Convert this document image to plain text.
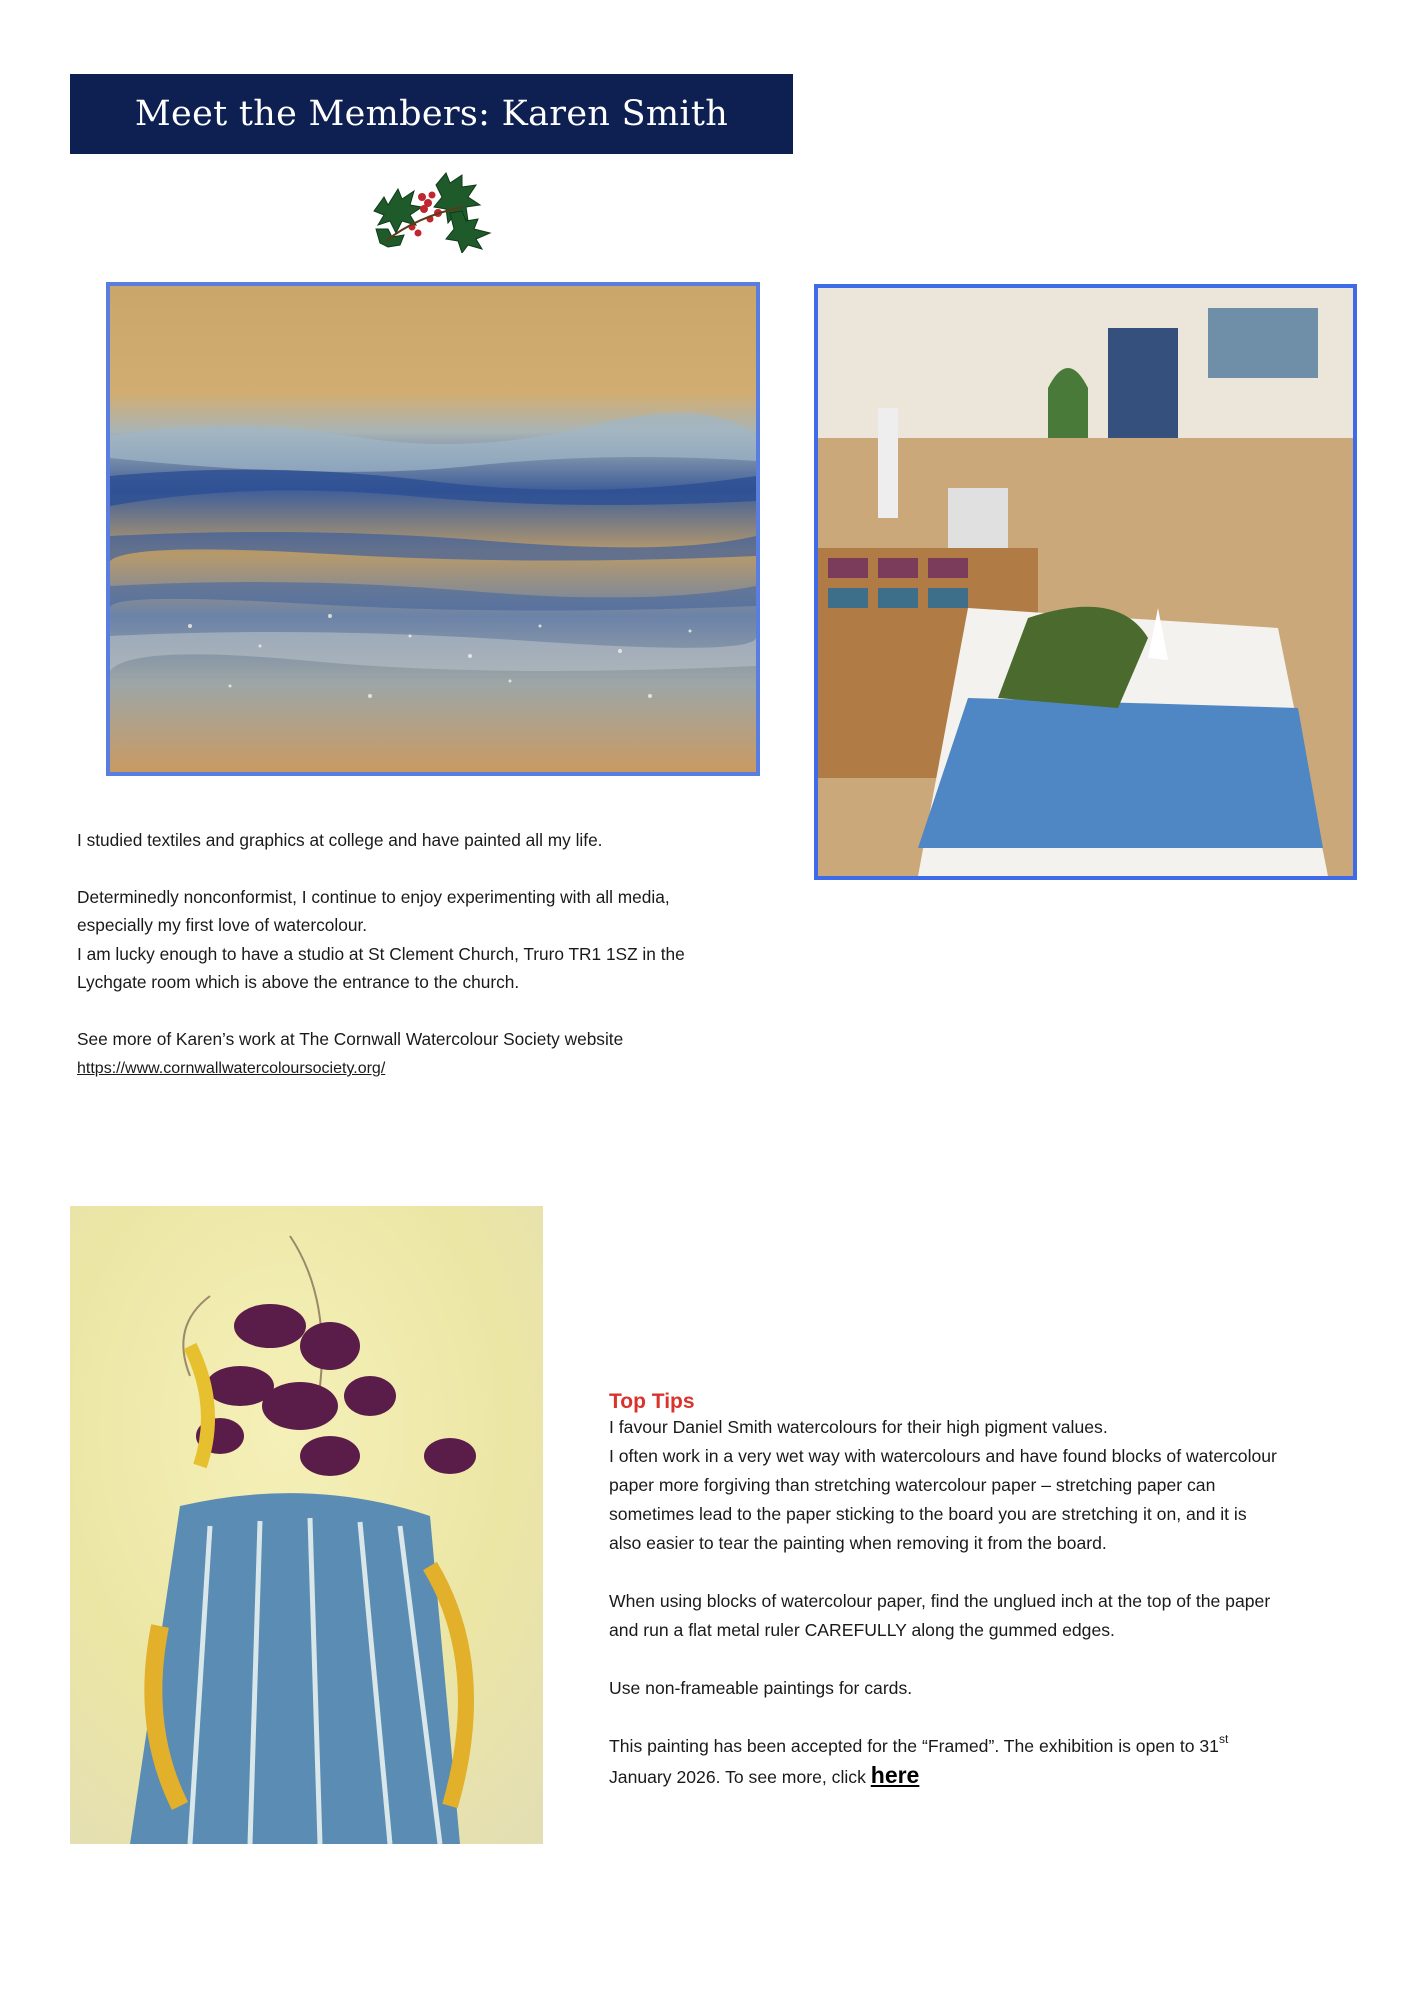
Meet the Members: Karen Smith

I studied textiles and graphics at college and have painted all my life.

Determinedly nonconformist, I continue to enjoy experimenting with all media,

especially my first love of watercolour.

I am lucky enough to have a studio at St Clement Church, Truro TR1 1SZ in the

Lychgate room which is above the entrance to the church.

See more of Karen’s work at The Cornwall Watercolour Society website

https://www.cornwallwatercoloursociety.org/

Top Tips

I favour Daniel Smith watercolours for their high pigment values.

I often work in a very wet way with watercolours and have found blocks of watercolour

paper more forgiving than stretching watercolour paper – stretching paper can

sometimes lead to the paper sticking to the board you are stretching it on, and it is

also easier to tear the painting when removing it from the board.

When using blocks of watercolour paper, find the unglued inch at the top of the paper

and run a flat metal ruler CAREFULLY along the gummed edges.

Use non-frameable paintings for cards.

This painting has been accepted for the “Framed”. The exhibition is open to 31st

January 2026. To see more, click here
